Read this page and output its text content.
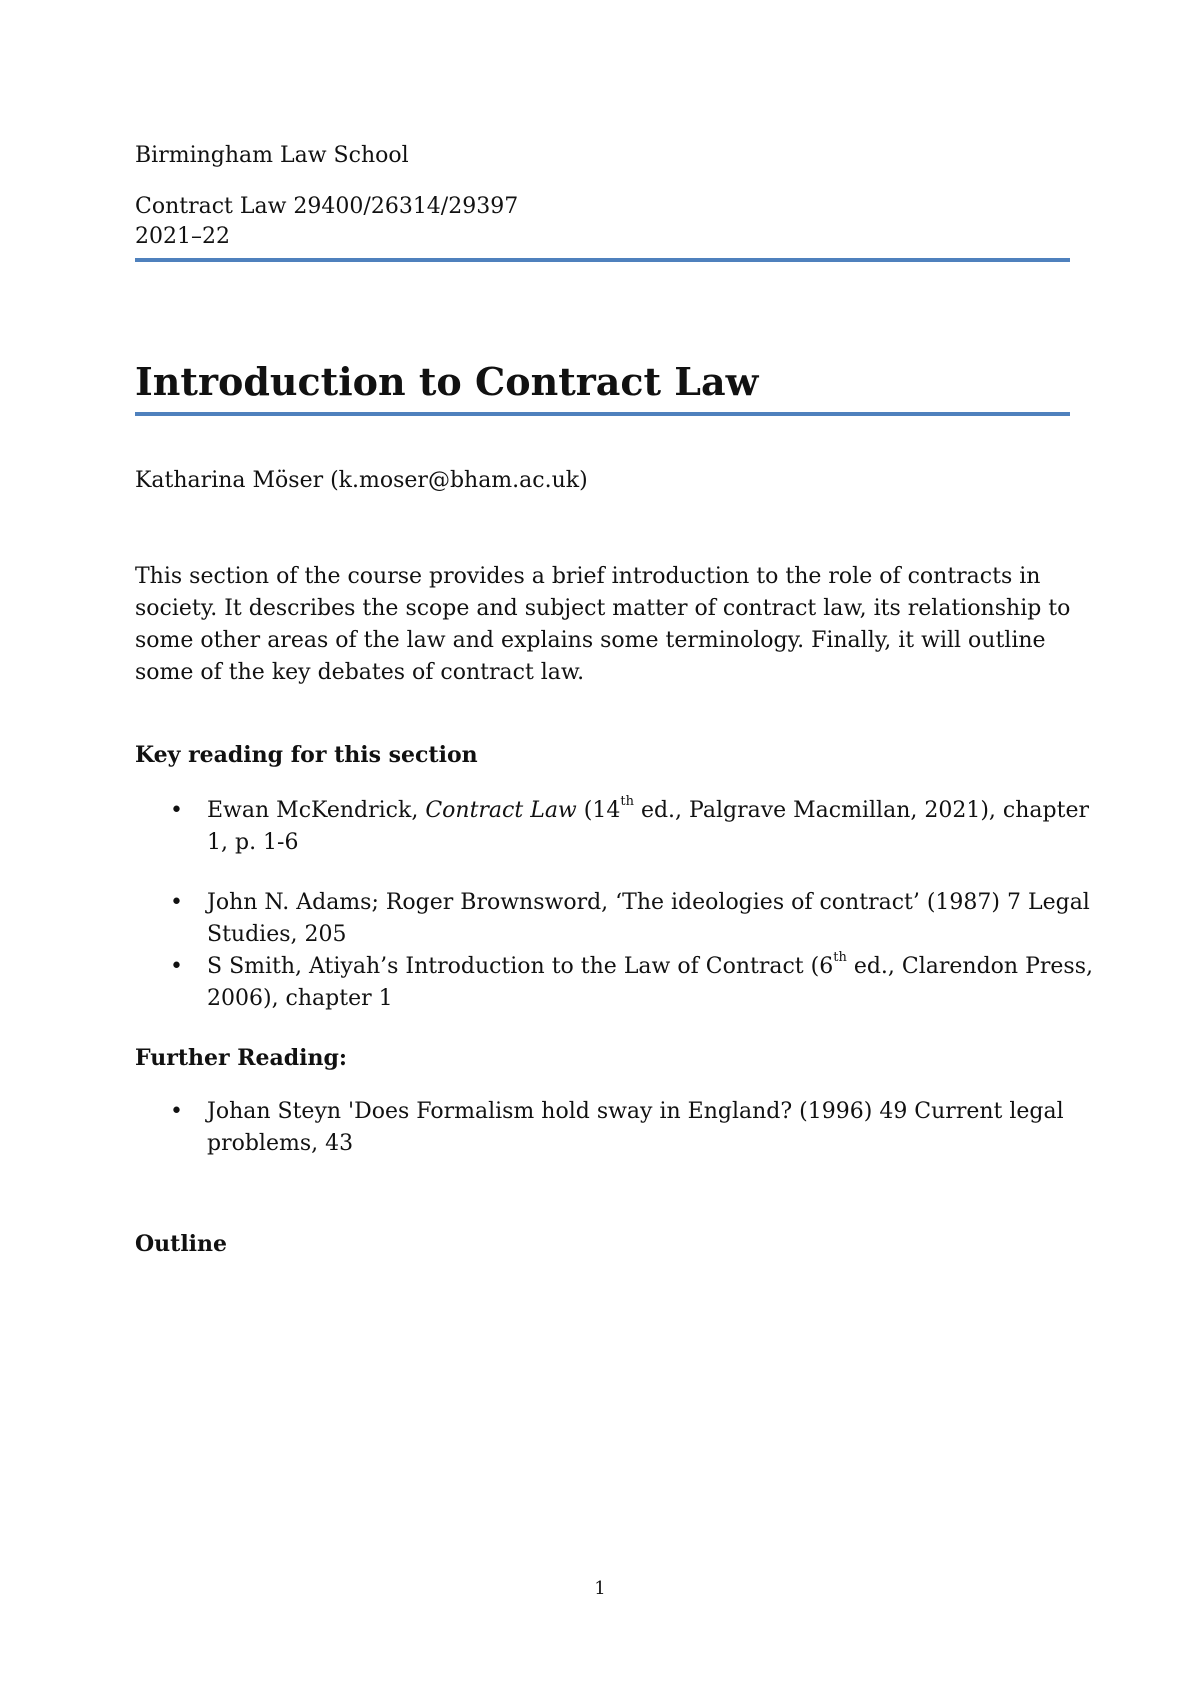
Birmingham Law School

Contract Law 29400/26314/29397

2021–22

Introduction to Contract Law

Katharina Möser (k.moser@bham.ac.uk)

This section of the course provides a brief introduction to the role of contracts in
society. It describes the scope and subject matter of contract law, its relationship to
some other areas of the law and explains some terminology. Finally, it will outline
some of the key debates of contract law.
Key reading for this section
• Ewan McKendrick, Contract Law (14th ed., Palgrave Macmillan, 2021), chapter
1, p. 1-6
• John N. Adams; Roger Brownsword, ‘The ideologies of contract’ (1987) 7 Legal
Studies, 205
• S Smith, Atiyah’s Introduction to the Law of Contract (6th ed., Clarendon Press,
2006), chapter 1
Further Reading:
• Johan Steyn 'Does Formalism hold sway in England? (1996) 49 Current legal
problems, 43
Outline

1
